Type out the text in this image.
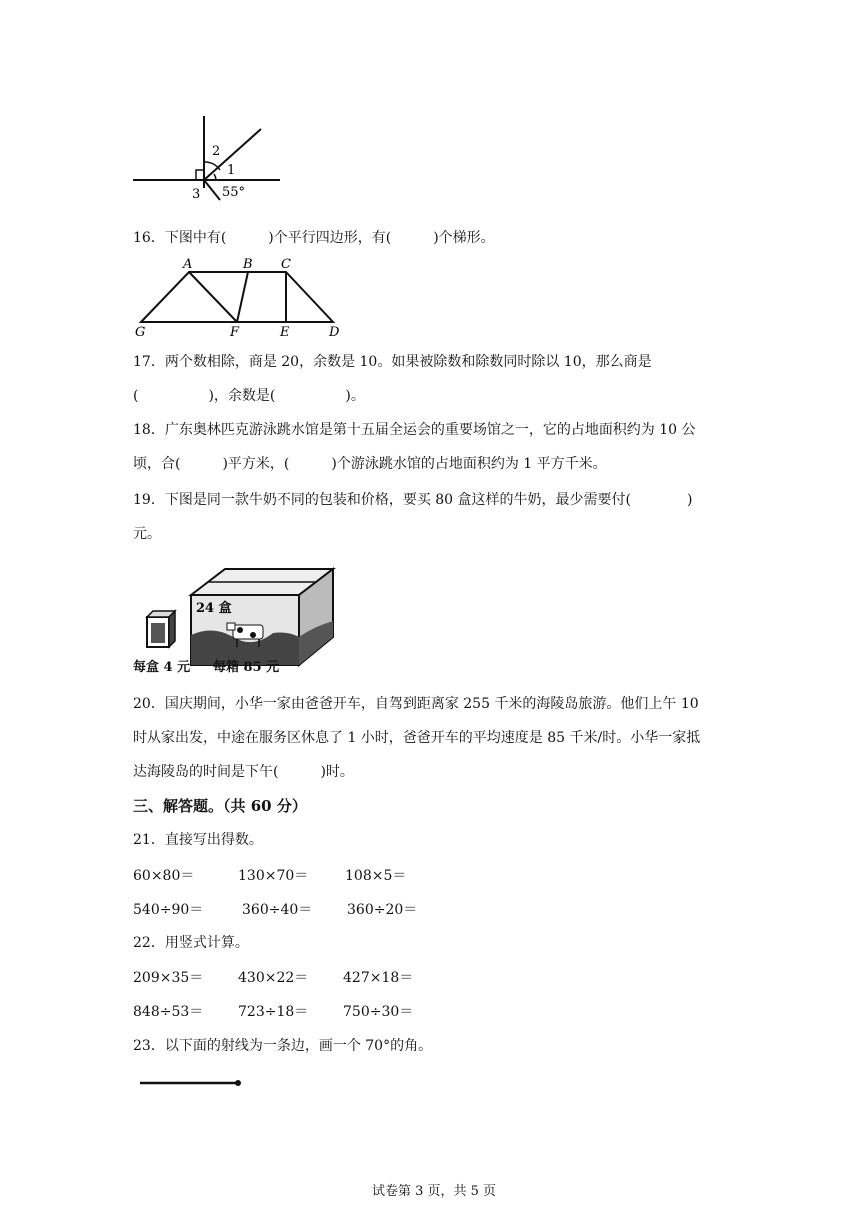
2
1
3 55°
16．下图中有(　　　)个平行四边形，有(　　　)个梯形。
A	B C
G	F	E	D
17．两个数相除，商是 20，余数是 10。如果被除数和除数同时除以 10，那么商是
(　　　　　)，余数是(　　　　　)。
18．广东奥林匹克游泳跳水馆是第十五届全运会的重要场馆之一，它的占地面积约为 10 公
顷，合(　　　)平方米，(　　　)个游泳跳水馆的占地面积约为 1 平方千米。
19．下图是同一款牛奶不同的包装和价格，要买 80 盒这样的牛奶，最少需要付(　　　　)
元。
24 盒
每盒 4 元 每箱 85 元
20．国庆期间，小华一家由爸爸开车，自驾到距离家 255 千米的海陵岛旅游。他们上午 10
时从家出发，中途在服务区休息了 1 小时，爸爸开车的平均速度是 85 千米/时。小华一家抵
达海陵岛的时间是下午(　　　)时。
三、解答题。（共 60 分）
21．直接写出得数。
60×80＝	130×70＝	108×5＝
540÷90＝	360÷40＝ 360÷20＝
22．用竖式计算。
209×35＝ 430×22＝ 427×18＝
848÷53＝ 723÷18＝ 750÷30＝
23．以下面的射线为一条边，画一个 70°的角。
试卷第 3 页，共 5 页
